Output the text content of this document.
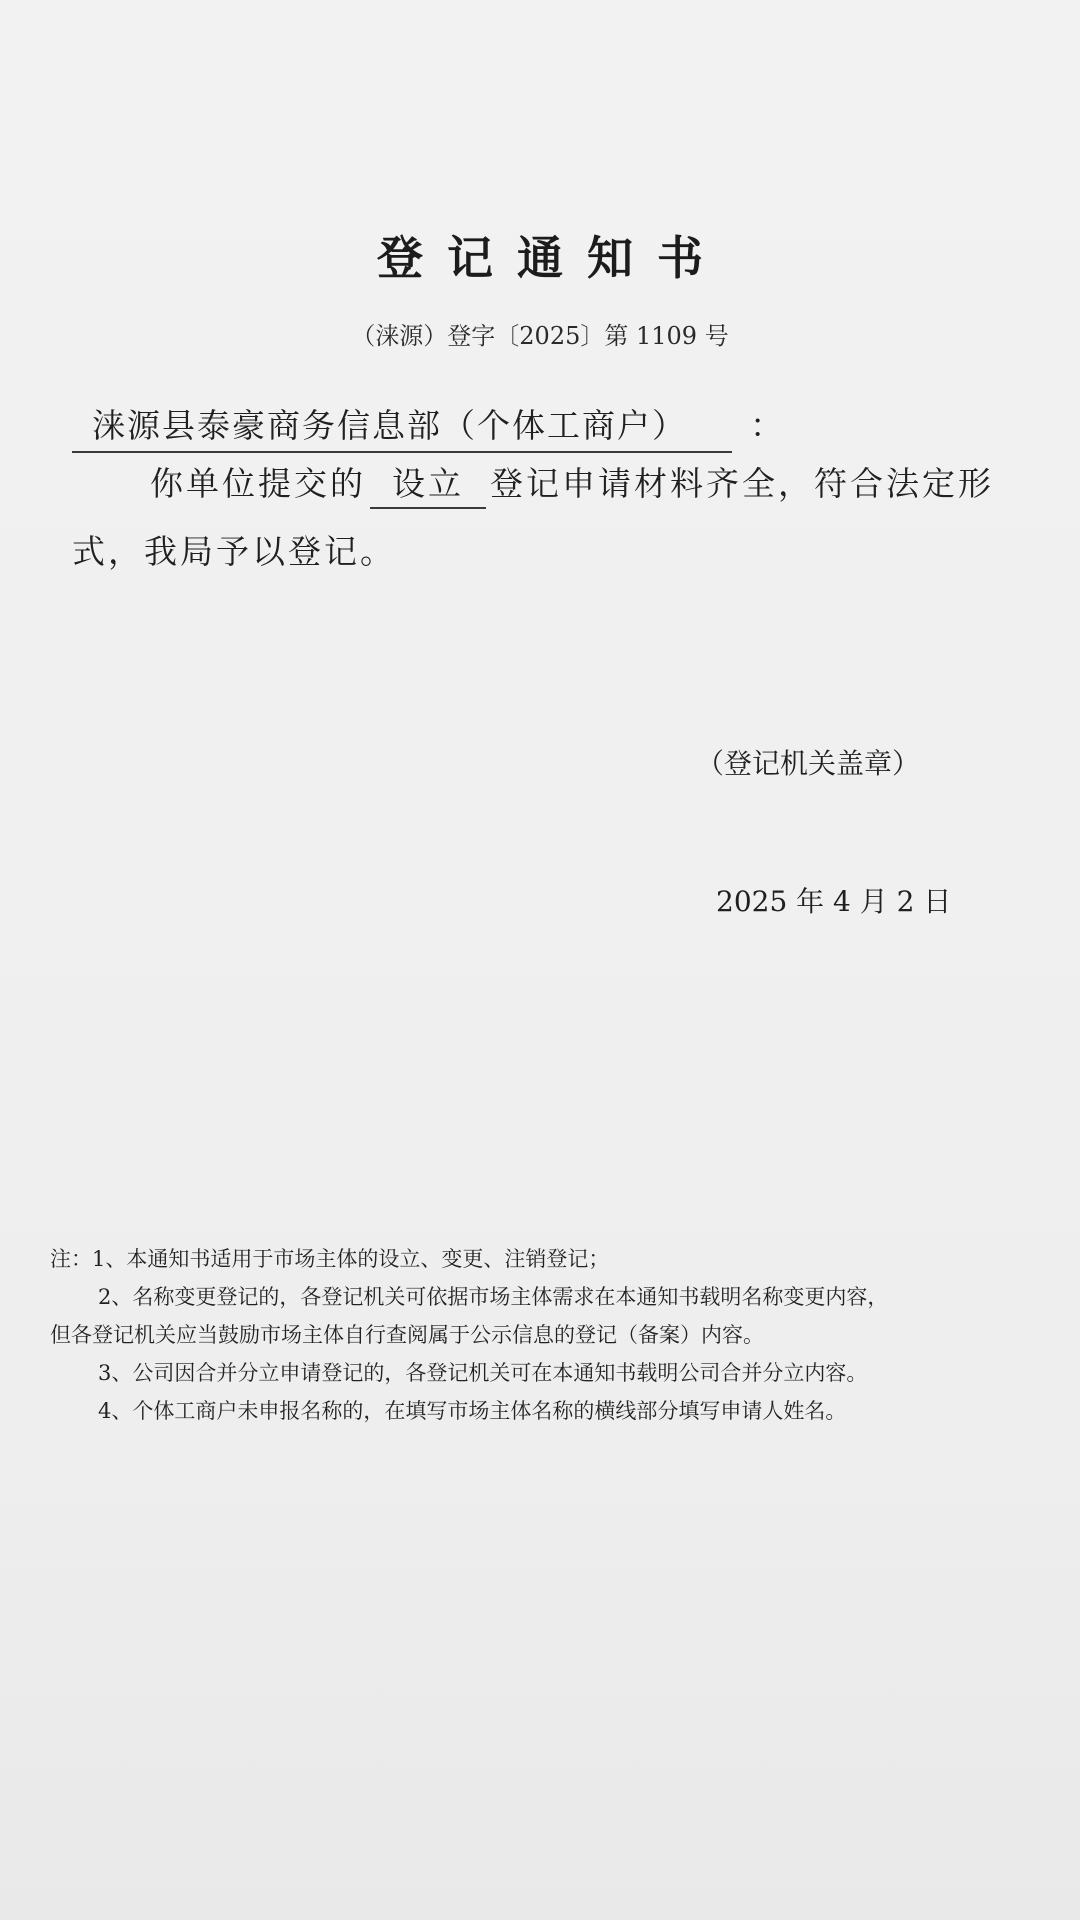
登记通知书
（涞源）登字〔2025〕第 1109 号
涞源县泰豪商务信息部（个体工商户） ：
你单位提交的 设立 登记申请材料齐全，符合法定形
式，我局予以登记。
（登记机关盖章）
2025 年 4 月 2 日
注：1、本通知书适用于市场主体的设立、变更、注销登记；
2、名称变更登记的，各登记机关可依据市场主体需求在本通知书载明名称变更内容，
但各登记机关应当鼓励市场主体自行查阅属于公示信息的登记（备案）内容。
3、公司因合并分立申请登记的，各登记机关可在本通知书载明公司合并分立内容。
4、个体工商户未申报名称的，在填写市场主体名称的横线部分填写申请人姓名。
